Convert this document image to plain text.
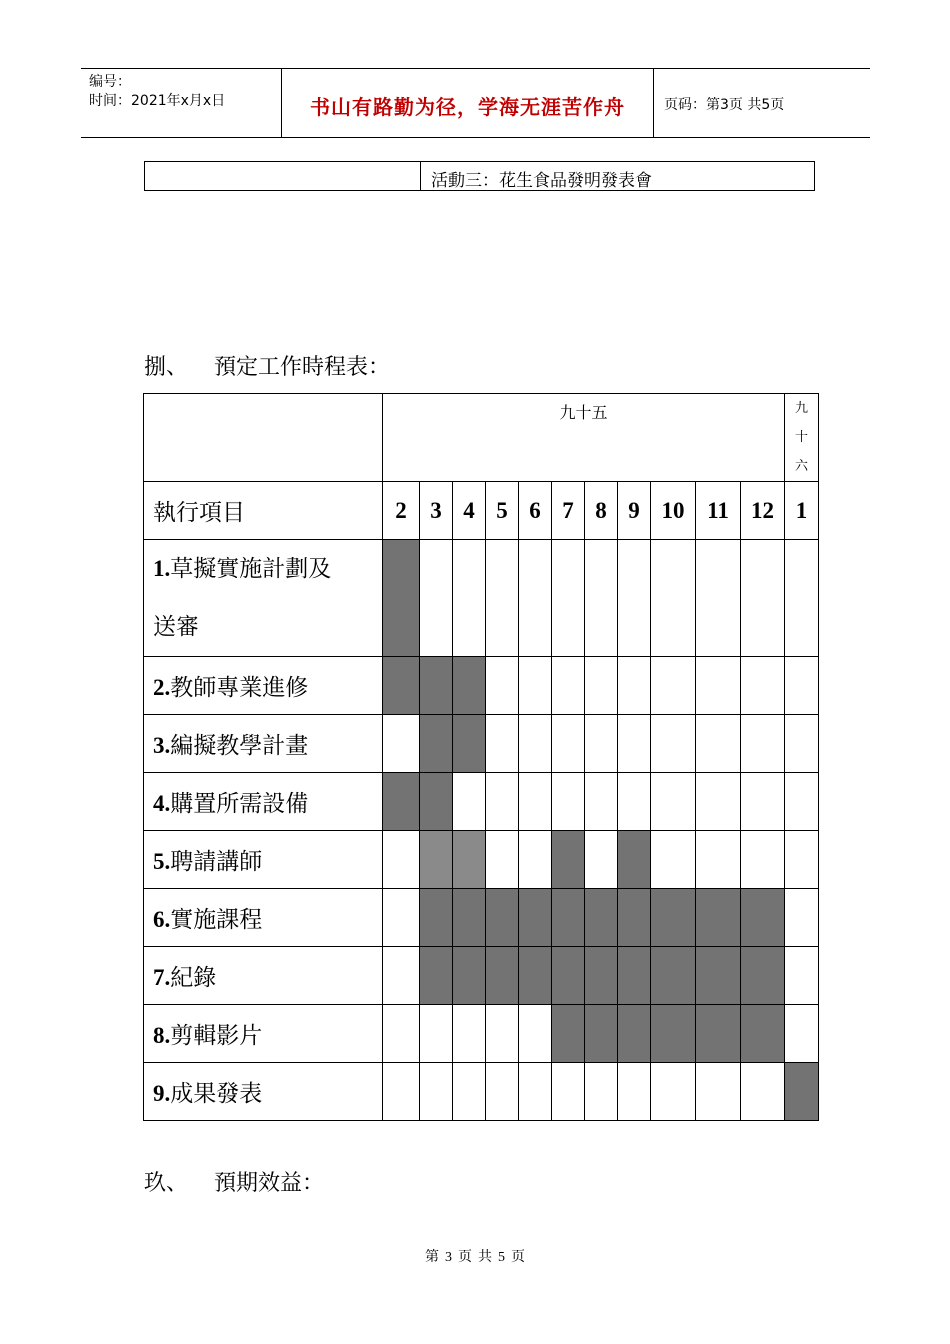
编号：
时间：2021年x月x日	书山有路勤为径，学海无涯苦作舟	页码：第3页 共5页
活動三：花生食品發明發表會
捌、 預定工作時程表：
	九十五											九
十
六

執行項目	2	3	4	5	6	7	8	9	10	11	12	1
1.草擬實施計劃及
送審												
2.教師專業進修												
3.編擬教學計畫												
4.購置所需設備												
5.聘請講師												
6.實施課程												
7.紀錄												
8.剪輯影片												
9.成果發表												
玖、 預期效益：
第 3 页 共 5 页
